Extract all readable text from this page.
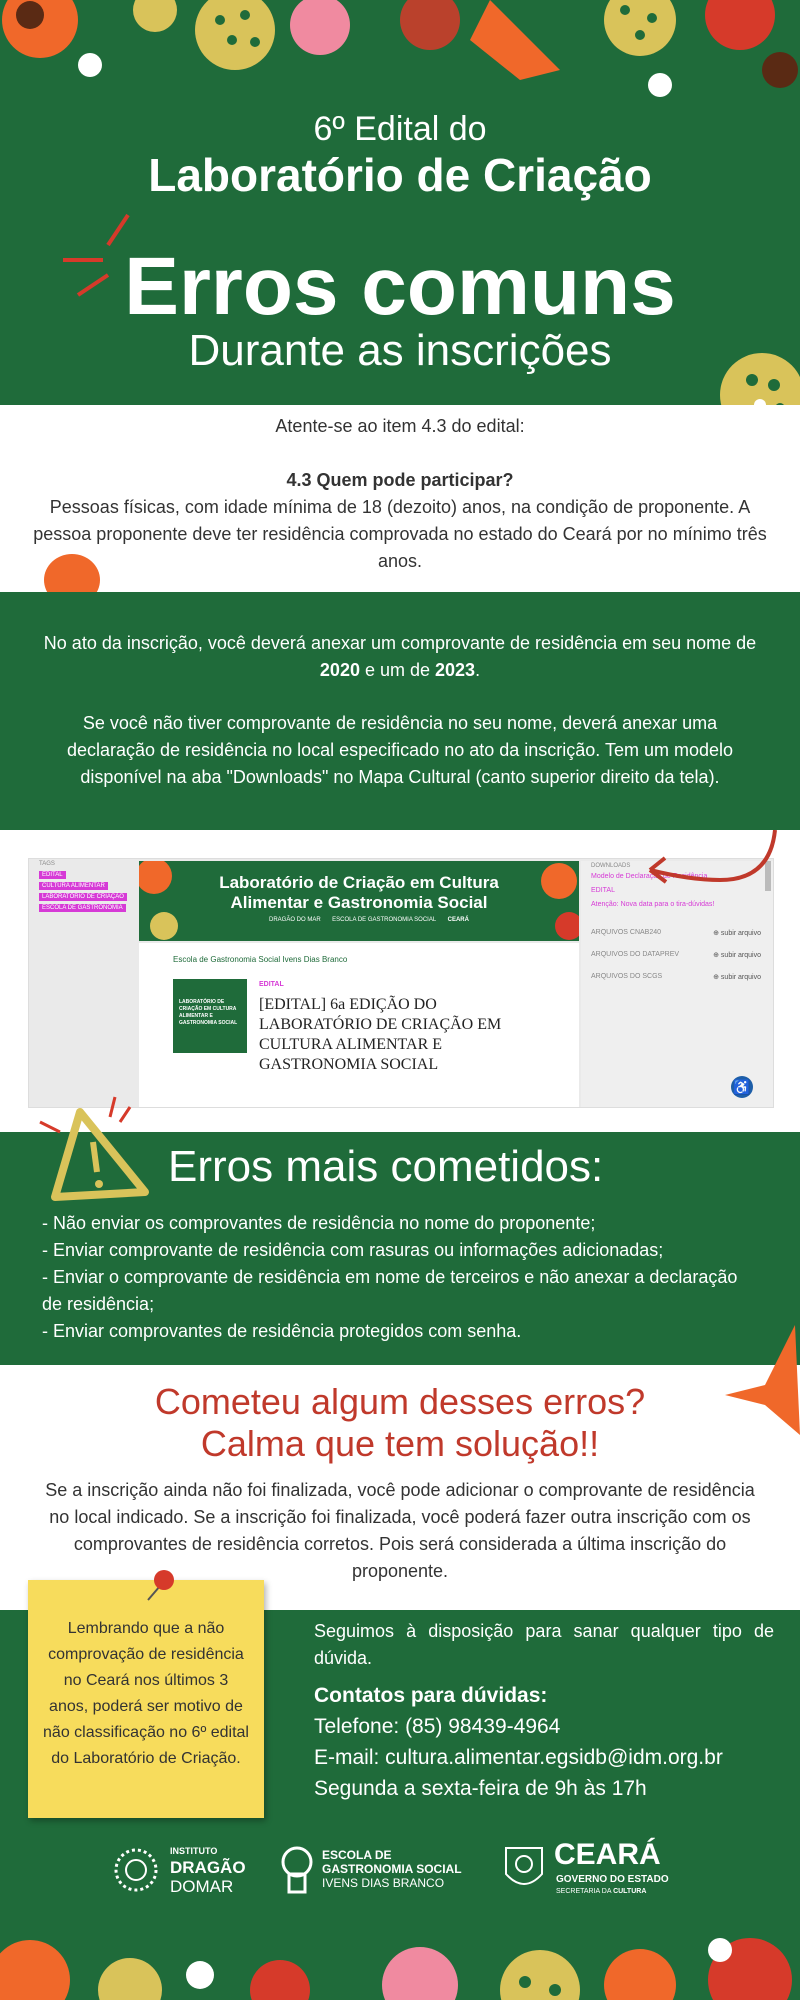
6º Edital do
Laboratório de Criação
Erros comuns
Durante as inscrições

Atente-se ao item 4.3 do edital:

4.3 Quem pode participar?

Pessoas físicas, com idade mínima de 18 (dezoito) anos, na condição de proponente. A pessoa proponente deve ter residência comprovada no estado do Ceará por no mínimo três anos.

No ato da inscrição, você deverá anexar um comprovante de residência em seu nome de 2020 e um de 2023.

Se você não tiver comprovante de residência no seu nome, deverá anexar uma declaração de residência no local especificado no ato da inscrição. Tem um modelo disponível na aba "Downloads" no Mapa Cultural (canto superior direito da tela).

TAGS
EDITAL
CULTURA ALIMENTAR
LABORATÓRIO DE CRIAÇÃO
ESCOLA DE GASTRONOMIA
Laboratório de Criação em Cultura Alimentar e Gastronomia Social
DRAGÃO DO MAR ESCOLA DE GASTRONOMIA SOCIAL CEARÁ
Escola de Gastronomia Social Ivens Dias Branco
LABORATÓRIO DE CRIAÇÃO EM CULTURA ALIMENTAR E GASTRONOMIA SOCIAL
EDITAL
[EDITAL] 6a EDIÇÃO DO LABORATÓRIO DE CRIAÇÃO EM CULTURA ALIMENTAR E GASTRONOMIA SOCIAL
DOWNLOADS
Modelo de Declaração de Residência
EDITAL
Atenção: Nova data para o tira-dúvidas!
ARQUIVOS CNAB240	⊕ subir arquivo
ARQUIVOS DO DATAPREV	⊕ subir arquivo
ARQUIVOS DO SCGS	⊕ subir arquivo
♿
Erros mais cometidos:
- Não enviar os comprovantes de residência no nome do proponente;
- Enviar comprovante de residência com rasuras ou informações adicionadas;
- Enviar o comprovante de residência em nome de terceiros e não anexar a declaração de residência;
- Enviar comprovantes de residência protegidos com senha.
Cometeu algum desses erros?
Calma que tem solução!!

Se a inscrição ainda não foi finalizada, você pode adicionar o comprovante de residência no local indicado. Se a inscrição foi finalizada, você poderá fazer outra inscrição com os comprovantes de residência corretos. Pois será considerada a última inscrição do proponente.

Lembrando que a não comprovação de residência no Ceará nos últimos 3 anos, poderá ser motivo de não classificação no 6º edital do Laboratório de Criação.

Seguimos à disposição para sanar qualquer tipo de dúvida.

Contatos para dúvidas:
Telefone: (85) 98439-4964
E-mail: cultura.alimentar.egsidb@idm.org.br
Segunda a sexta-feira de 9h às 17h
INSTITUTO
DRAGÃO
DOMAR
ESCOLA DE
GASTRONOMIA SOCIAL
IVENS DIAS BRANCO
CEARÁ
GOVERNO DO ESTADO
SECRETARIA DA CULTURA
